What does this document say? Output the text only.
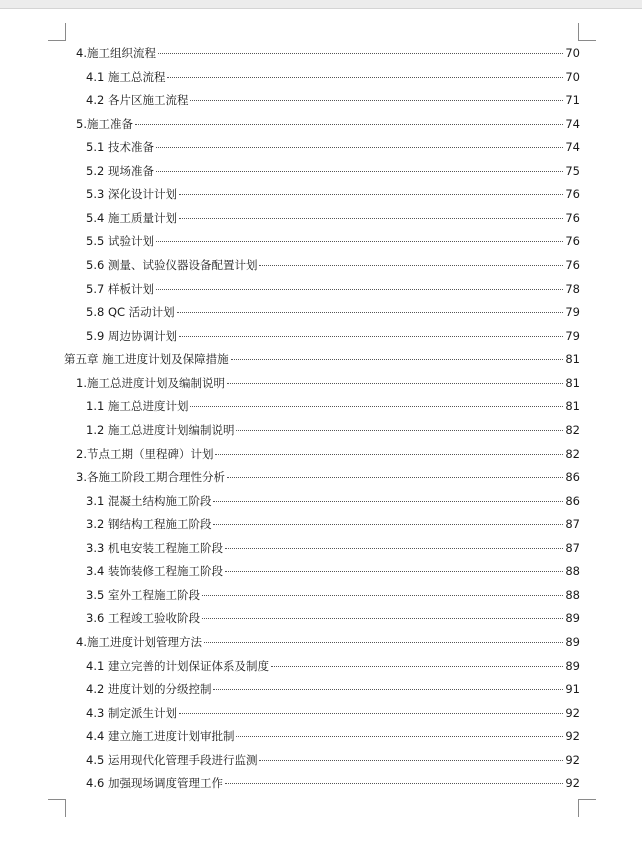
4.施工组织流程	70
4.1 施工总流程	70
4.2 各片区施工流程	71
5.施工准备	74
5.1 技术准备	74
5.2 现场准备	75
5.3 深化设计计划	76
5.4 施工质量计划	76
5.5 试验计划	76
5.6 测量、试验仪器设备配置计划	76
5.7 样板计划	78
5.8 QC 活动计划	79
5.9 周边协调计划	79
第五章 施工进度计划及保障措施	81
1.施工总进度计划及编制说明	81
1.1 施工总进度计划	81
1.2 施工总进度计划编制说明	82
2.节点工期（里程碑）计划	82
3.各施工阶段工期合理性分析	86
3.1 混凝土结构施工阶段	86
3.2 钢结构工程施工阶段	87
3.3 机电安装工程施工阶段	87
3.4 装饰装修工程施工阶段	88
3.5 室外工程施工阶段	88
3.6 工程竣工验收阶段	89
4.施工进度计划管理方法	89
4.1 建立完善的计划保证体系及制度	89
4.2 进度计划的分级控制	91
4.3 制定派生计划	92
4.4 建立施工进度计划审批制	92
4.5 运用现代化管理手段进行监测	92
4.6 加强现场调度管理工作	92
